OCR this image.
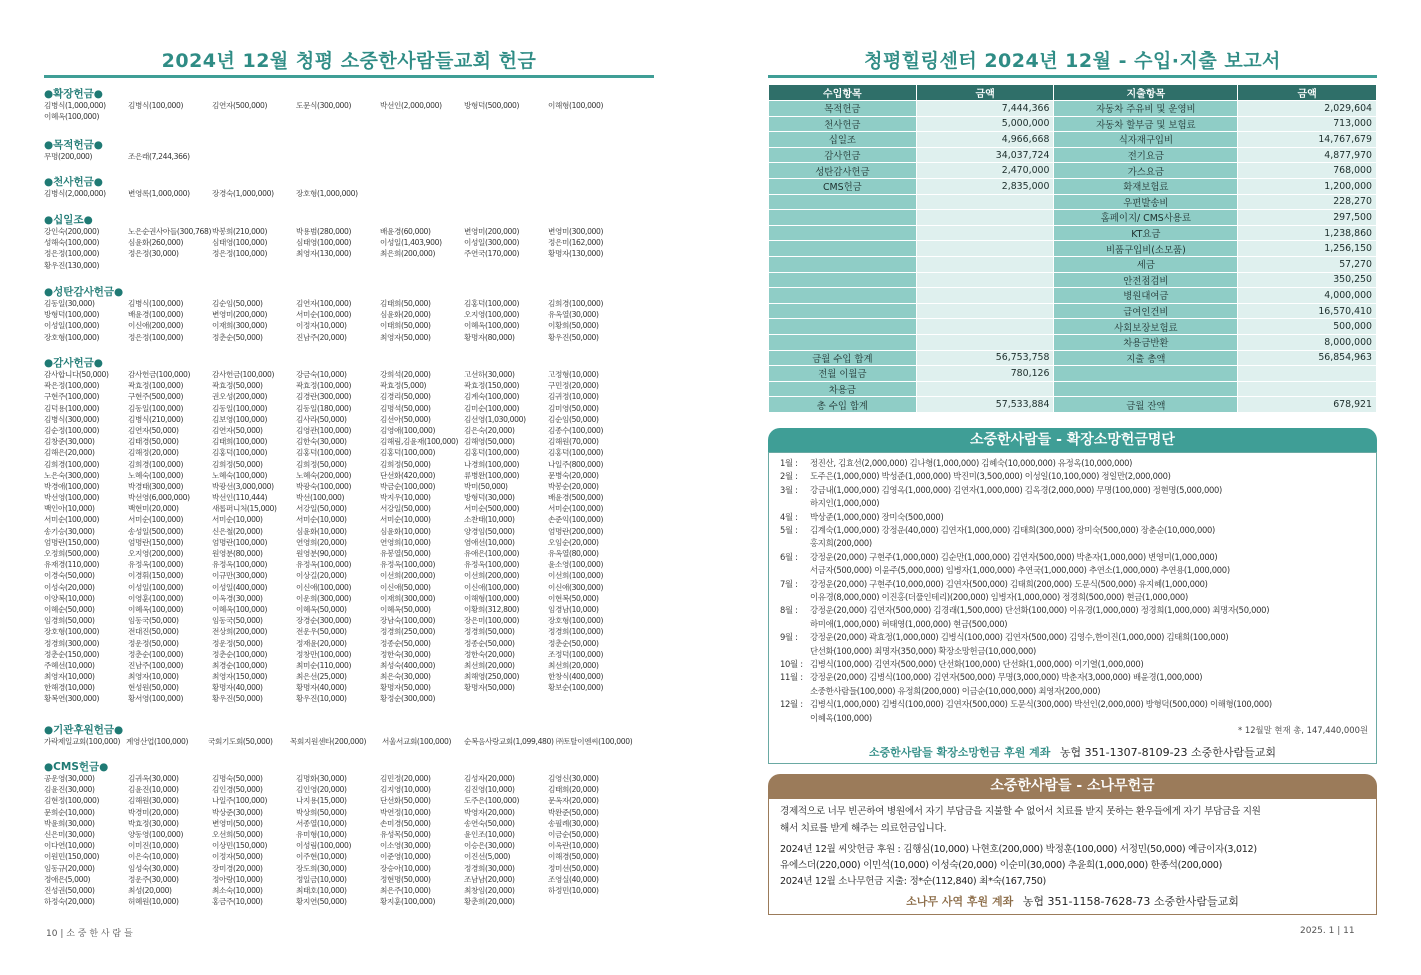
2024년 12월 청평 소중한사람들교회 헌금
●확장헌금●
김병식(1,000,000)	김병식(100,000)	김연자(500,000)	도문식(300,000)	박선인(2,000,000)	방형덕(500,000)	이해형(100,000)
이혜옥(100,000)
●목적헌금●
무명(200,000)	조은래(7,244,366)
●천사헌금●
김병식(2,000,000)	변영록(1,000,000)	장경숙(1,000,000)	장호형(1,000,000)
●십일조●
강인숙(200,000)	노은순권사아들(300,768) 박봉희(210,000)	박용범(280,000)	배윤경(60,000)	변영미(200,000)	변영미(300,000)
성해숙(100,000)	심윤화(260,000)	심태영(100,000)	심태영(100,000)	이성일(1,403,900)	이성일(300,000)	정은미(162,000)
정은정(100,000)	정은정(30,000)	정은정(100,000)	최영자(130,000)	최은희(200,000)	주연국(170,000)	황명자(130,000)
황우진(130,000)
●성탄감사헌금●
김동일(30,000)	김병식(100,000)	김순임(50,000)	김연자(100,000)	김태희(50,000)	김홍덕(100,000)	김희경(100,000)
방형덕(100,000)	배윤경(100,000)	변영미(200,000)	서미순(100,000)	심윤화(20,000)	오지영(100,000)	유옥열(30,000)
이성일(100,000)	이신애(200,000)	이재희(300,000)	이정자(10,000)	이태희(50,000)	이혜옥(100,000)	이황희(50,000)
장호형(100,000)	정은정(100,000)	정춘순(50,000)	진남주(20,000)	최영자(50,000)	황명자(80,000)	황우진(50,000)
●감사헌금●
감사합니다(50,000)	감사헌금(100,000)	감사헌금(100,000)	강금숙(10,000)	강희석(20,000)	고선하(30,000)	고정형(10,000)
곽은정(100,000)	곽효정(100,000)	곽효정(50,000)	곽효정(100,000)	곽효정(5,000)	곽효정(150,000)	구민정(20,000)
구현주(100,000)	구현주(500,000)	권오성(200,000)	김경란(300,000)	김경리(50,000)	김계숙(100,000)	김귀정(10,000)
김덕용(100,000)	김동일(100,000)	김동일(100,000)	김동일(180,000)	김명석(50,000)	김미순(100,000)	김미영(50,000)
김병식(300,000)	김병식(210,000)	김보영(100,000)	김사라(50,000)	김선아(50,000)	김선영(1,030,000)	김순임(50,000)
김순정(100,000)	김연자(50,000)	김연자(50,000)	김영관(100,000)	김영애(100,000)	김은숙(20,000)	김종수(100,000)
김창준(30,000)	김태경(50,000)	김태희(100,000)	김한숙(30,000)	김해림,김윤재(100,000) 김해영(50,000)	김해원(70,000)
김해은(20,000)	김해정(20,000)	김홍덕(100,000)	김홍덕(100,000)	김홍덕(100,000)	김홍덕(100,000)	김홍덕(100,000)
김희경(100,000)	김희경(100,000)	김희정(50,000)	김희정(50,000)	김희정(50,000)	나경희(100,000)	나일주(800,000)
노은숙(300,000)	노혜숙(100,000)	노혜숙(100,000)	노혜숙(200,000)	단선화(420,000)	류병완(100,000)	문병숙(20,000)
박경애(100,000)	박경태(300,000)	박광선(3,000,000)	박광숙(100,000)	박금순(100,000)	박미(50,000)	박봉순(20,000)
박선영(100,000)	박선영(6,000,000)	박선인(110,444)	박선(100,000)	박지우(10,000)	방형덕(30,000)	배윤경(500,000)
백인아(10,000)	백현미(20,000)	새롭퍼니처(15,000)	서강일(50,000)	서강일(50,000)	서미순(500,000)	서미순(100,000)
서미순(100,000)	서미순(100,000)	서미순(10,000)	서미순(10,000)	서미순(10,000)	소찬태(10,000)	손준익(100,000)
송기승(30,000)	송성일(500,000)	신은철(20,000)	심윤화(10,000)	심윤화(10,000)	양경임(50,000)	엄명란(200,000)
엄명란(150,000)	엄명란(150,000)	엄명란(100,000)	연영희(20,000)	연영희(10,000)	염애선(10,000)	오임순(20,000)
오정희(500,000)	오지영(200,000)	원영분(80,000)	원영분(90,000)	유봉열(50,000)	유애은(100,000)	유옥열(80,000)
유재경(110,000)	유정옥(100,000)	유정옥(100,000)	유정옥(100,000)	유정옥(100,000)	유정옥(100,000)	윤소영(100,000)
이경숙(50,000)	이경휘(150,000)	이규만(300,000)	이상길(20,000)	이선희(200,000)	이선희(200,000)	이선희(100,000)
이성숙(20,000)	이성일(100,000)	이성일(400,000)	이신애(100,000)	이신애(50,000)	이신애(100,000)	이신애(300,000)
이양복(10,000)	이영훈(100,000)	이옥경(30,000)	이운희(300,000)	이재희(300,000)	이해형(100,000)	이현복(50,000)
이혜순(50,000)	이혜옥(100,000)	이혜옥(100,000)	이혜옥(50,000)	이혜옥(50,000)	이황희(312,800)	임경남(10,000)
임경희(50,000)	임동국(50,000)	임동국(50,000)	장경순(300,000)	장남숙(100,000)	장은미(100,000)	장호형(100,000)
장호형(100,000)	전대진(50,000)	전상희(200,000)	전운우(50,000)	정경희(250,000)	정경희(50,000)	정경희(100,000)
정경희(300,000)	정운정(50,000)	정운정(50,000)	정재윤(20,000)	정종순(50,000)	정종순(50,000)	정춘순(50,000)
정춘순(150,000)	정춘순(100,000)	정춘순(100,000)	정창만(100,000)	정한숙(30,000)	정한숙(20,000)	조정덕(100,000)
주혜선(10,000)	진남주(100,000)	최경순(100,000)	최미순(110,000)	최성숙(400,000)	최선희(20,000)	최선희(20,000)
최영자(10,000)	최영자(10,000)	최영자(150,000)	최은선(25,000)	최은숙(30,000)	최해영(250,000)	한창식(400,000)
한해경(10,000)	현성원(50,000)	황명자(40,000)	황명자(40,000)	황명자(50,000)	황명자(50,000)	황보순(100,000)
황복연(300,000)	황서영(100,000)	황우진(50,000)	황우진(10,000)	황정순(300,000)
●기관후원헌금●
가락제일교회(100,000) 계영산업(100,000)	국회기도회(50,000)	목회지원센타(200,000)	서울서교회(100,000)	순복음사랑교회(1,099,480) ㈜토탈이엔씨(100,000)
●CMS헌금●
공운영(30,000)	김귀옥(30,000)	김명숙(50,000)	김명화(30,000)	김민정(20,000)	김성자(20,000)	김영신(30,000)
김윤진(30,000)	김윤진(10,000)	김인경(50,000)	김인영(20,000)	김지영(10,000)	김진영(10,000)	김태희(20,000)
김현정(100,000)	김해원(30,000)	나일주(100,000)	나지용(15,000)	단선화(50,000)	도주은(100,000)	문옥자(20,000)
문희순(10,000)	박경미(20,000)	박상준(30,000)	박상희(50,000)	박연정(10,000)	박영자(20,000)	박완준(50,000)
박윤희(30,000)	박효정(30,000)	변영미(50,000)	서종열(10,000)	손미경(50,000)	송연숙(50,000)	송필례(30,000)
신은미(30,000)	양동영(100,000)	오선희(50,000)	유미형(10,000)	유성목(50,000)	윤인조(10,000)	이금순(50,000)
이다연(10,000)	이미진(10,000)	이상민(150,000)	이성림(100,000)	이소영(30,000)	이승은(30,000)	이옥란(10,000)
이원민(150,000)	이은숙(10,000)	이정자(50,000)	이주현(10,000)	이준영(10,000)	이진선(5,000)	이해경(50,000)
임동규(20,000)	임성숙(30,000)	장미경(20,000)	장도희(30,000)	장승아(10,000)	정경희(30,000)	정미선(50,000)
정애은(5,000)	정운주(30,000)	정아랑(10,000)	정일금(10,000)	정현명(50,000)	조남남(20,000)	조영실(40,000)
진성권(50,000)	최성(20,000)	최소숙(10,000)	최태호(10,000)	최은주(10,000)	최창임(20,000)	하정민(10,000)
하정숙(20,000)	허혜원(10,000)	홍금주(10,000)	황지연(50,000)	황지훈(100,000)	황춘희(20,000)
10 | 소 중 한 사 람 들
청평힐링센터 2024년 12월 - 수입·지출 보고서
수입항목	금액	지출항목	금액
목적헌금	7,444,366	자동차 주유비 및 운영비	2,029,604
천사헌금	5,000,000	자동차 할부금 및 보험료	713,000
십일조	4,966,668	식자재구입비	14,767,679
감사헌금	34,037,724	전기요금	4,877,970
성탄감사헌금	2,470,000	가스요금	768,000
CMS헌금	2,835,000	화재보험료	1,200,000
		우편발송비	228,270
		홈페이지/ CMS사용료	297,500
		KT요금	1,238,860
		비품구입비(소모품)	1,256,150
		세금	57,270
		안전점검비	350,250
		병원대여금	4,000,000
		급여인건비	16,570,410
		사회보장보험료	500,000
		차용금반환	8,000,000
금월 수입 합계	56,753,758	지출 총액	56,854,963
전월 이월금	780,126		
차용금			
총 수입 합계	57,533,884	금월 잔액	678,921
소중한사람들 - 확장소망헌금명단
1월 : 정진산, 김효선(2,000,000) 김나형(1,000,000) 김혜숙(10,000,000) 유정옥(10,000,000)
2월 : 도주은(1,000,000) 박성준(1,000,000) 박진미(3,500,000) 이성일(10,100,000) 정일만(2,000,000)
3월 : 강금내(1,000,000) 김영옥(1,000,000) 김연자(1,000,000) 김옥경(2,000,000) 무명(100,000) 정현명(5,000,000)
하지인(1,000,000)
4월 : 박상준(1,000,000) 장미숙(500,000)
5월 : 김계숙(1,000,000) 강정운(40,000) 김연자(1,000,000) 김태희(300,000) 장미숙(500,000) 장춘순(10,000,000)
홍지희(200,000)
6월 : 강정운(20,000) 구현주(1,000,000) 김순만(1,000,000) 김연자(500,000) 박춘자(1,000,000) 변영미(1,000,000)
서금자(500,000) 이윤주(5,000,000) 임병자(1,000,000) 추연국(1,000,000) 추연소(1,000,000) 추연용(1,000,000)
7월 : 강정운(20,000) 구현주(10,000,000) 김연자(500,000) 김태희(200,000) 도문식(500,000) 유지혜(1,000,000)
이유경(8,000,000) 이진홍(더풀인테리)(200,000) 임병자(1,000,000) 정경희(500,000) 현금(1,000,000)
8월 : 강정운(20,000) 김연자(500,000) 김경래(1,500,000) 단선화(100,000) 이유경(1,000,000) 정경희(1,000,000) 최명자(50,000)
하미애(1,000,000) 허태영(1,000,000) 현금(500,000)
9월 : 강정운(20,000) 곽효정(1,000,000) 김병식(100,000) 김연자(500,000) 김영수,한이진(1,000,000) 김태희(100,000)
단선화(100,000) 최명자(350,000) 확장소망헌금(10,000,000)
10월 : 김병식(100,000) 김연자(500,000) 단선화(100,000) 단선화(1,000,000) 이기열(1,000,000)
11월 : 강정운(20,000) 김병식(100,000) 김연자(500,000) 무명(3,000,000) 박춘자(3,000,000) 배윤경(1,000,000)
소중한사람들(100,000) 유정희(200,000) 이금순(10,000,000) 최영자(200,000)
12월 : 김병식(1,000,000) 김병식(100,000) 김연자(500,000) 도문식(300,000) 박선인(2,000,000) 방형덕(500,000) 이해형(100,000)
이혜옥(100,000)
* 12월말 현재 총, 147,440,000원
소중한사람들 확장소망헌금 후원 계좌 농협 351-1307-8109-23 소중한사람들교회
소중한사람들 - 소나무헌금
경제적으로 너무 빈곤하여 병원에서 자기 부담금을 지불할 수 없어서 치료를 받지 못하는 환우들에게 자기 부담금을 지원
해서 치료를 받게 해주는 의료헌금입니다.
2024년 12월 씨앗헌금 후원 : 김행심(10,000) 나현호(200,000) 박정훈(100,000) 서정민(50,000) 예금이자(3,012)
유에스더(220,000) 이민석(10,000) 이성숙(20,000) 이순미(30,000) 추윤희(1,000,000) 한종석(200,000)
2024년 12월 소나무헌금 지출: 정*순(112,840) 최*숙(167,750)
소나무 사역 후원 계좌 농협 351-1158-7628-73 소중한사람들교회
2025. 1 | 11
